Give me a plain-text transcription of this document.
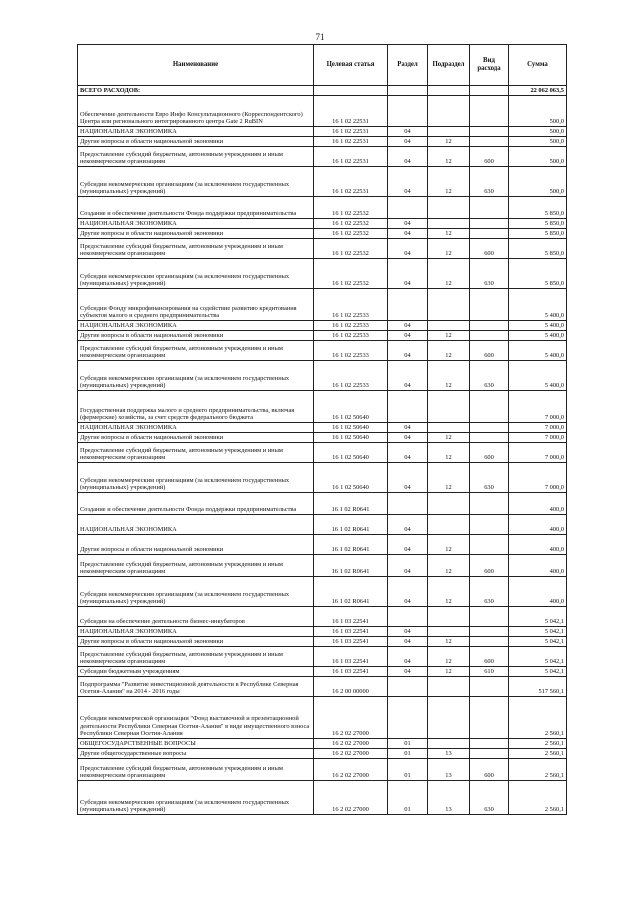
71
Наименование	Целевая статья	Раздел	Подраздел	Вид расхода	Сумма
ВСЕГО РАСХОДОВ:					22 062 063,5
Обеспечение деятельности Евро Инфо Консультационного (Корреспондентского) Центра или регионального интегрированного центра Gate 2 RuBIN	16 1 02 22531				500,0
НАЦИОНАЛЬНАЯ ЭКОНОМИКА	16 1 02 22531	04			500,0
Другие вопросы в области национальной экономики	16 1 02 22531	04	12		500,0
Предоставление субсидий бюджетным, автономным учреждениям и иным некоммерческим организациям	16 1 02 22531	04	12	600	500,0
Субсидии некоммерческим организациям (за исключением государственных (муниципальных) учреждений)	16 1 02 22531	04	12	630	500,0
Создание и обеспечение деятельности Фонда поддержки предпринимательства	16 1 02 22532				5 850,0
НАЦИОНАЛЬНАЯ ЭКОНОМИКА	16 1 02 22532	04			5 850,0
Другие вопросы в области национальной экономики	16 1 02 22532	04	12		5 850,0
Предоставление субсидий бюджетным, автономным учреждениям и иным некоммерческим организациям	16 1 02 22532	04	12	600	5 850,0
Субсидии некоммерческим организациям (за исключением государственных (муниципальных) учреждений)	16 1 02 22532	04	12	630	5 850,0
Субсидии Фонду микрофинансирования на содействие развитию кредитования субъектов малого и среднего предпринимательства	16 1 02 22533				5 400,0
НАЦИОНАЛЬНАЯ ЭКОНОМИКА	16 1 02 22533	04			5 400,0
Другие вопросы в области национальной экономики	16 1 02 22533	04	12		5 400,0
Предоставление субсидий бюджетным, автономным учреждениям и иным некоммерческим организациям	16 1 02 22533	04	12	600	5 400,0
Субсидии некоммерческим организациям (за исключением государственных (муниципальных) учреждений)	16 1 02 22533	04	12	630	5 400,0
Государственная поддержка малого и среднего предпринимательства, включая (фермерские) хозяйства, за счет средств федерального бюджета	16 1 02 50640				7 000,0
НАЦИОНАЛЬНАЯ ЭКОНОМИКА	16 1 02 50640	04			7 000,0
Другие вопросы в области национальной экономики	16 1 02 50640	04	12		7 000,0
Предоставление субсидий бюджетным, автономным учреждениям и иным некоммерческим организациям	16 1 02 50640	04	12	600	7 000,0
Субсидии некоммерческим организациям (за исключением государственных (муниципальных) учреждений)	16 1 02 50640	04	12	630	7 000,0
Создание и обеспечение деятельности Фонда поддержки предпринимательства	16 1 02 R0641				400,0
НАЦИОНАЛЬНАЯ ЭКОНОМИКА	16 1 02 R0641	04			400,0
Другие вопросы в области национальной экономики	16 1 02 R0641	04	12		400,0
Предоставление субсидий бюджетным, автономным учреждениям и иным некоммерческим организациям	16 1 02 R0641	04	12	600	400,0
Субсидии некоммерческим организациям (за исключением государственных (муниципальных) учреждений)	16 1 02 R0641	04	12	630	400,0
Субсидии на обеспечение деятельности бизнес-инкубаторов	16 1 03 22541				5 042,1
НАЦИОНАЛЬНАЯ ЭКОНОМИКА	16 1 03 22541	04			5 042,1
Другие вопросы в области национальной экономики	16 1 03 22541	04	12		5 042,1
Предоставление субсидий бюджетным, автономным учреждениям и иным некоммерческим организациям	16 1 03 22541	04	12	600	5 042,1
Субсидии бюджетным учреждениям	16 1 03 22541	04	12	610	5 042,1
Подпрограмма "Развитие инвестиционной деятельности в Республике Северная Осетия-Алания" на 2014 - 2016 годы	16 2 00 00000				517 560,1
Субсидии некоммерческой организации "Фонд выставочной и презентационной деятельности Республики Северная Осетия-Алания" в виде имущественного взноса Республики Северная Осетия-Алания	16 2 02 27000				2 560,1
ОБЩЕГОСУДАРСТВЕННЫЕ ВОПРОСЫ	16 2 02 27000	01			2 560,1
Другие общегосударственные вопросы	16 2 02 27000	01	13		2 560,1
Предоставление субсидий бюджетным, автономным учреждениям и иным некоммерческим организациям	16 2 02 27000	01	13	600	2 560,1
Субсидии некоммерческим организациям (за исключением государственных (муниципальных) учреждений)	16 2 02 27000	01	13	630	2 560,1
